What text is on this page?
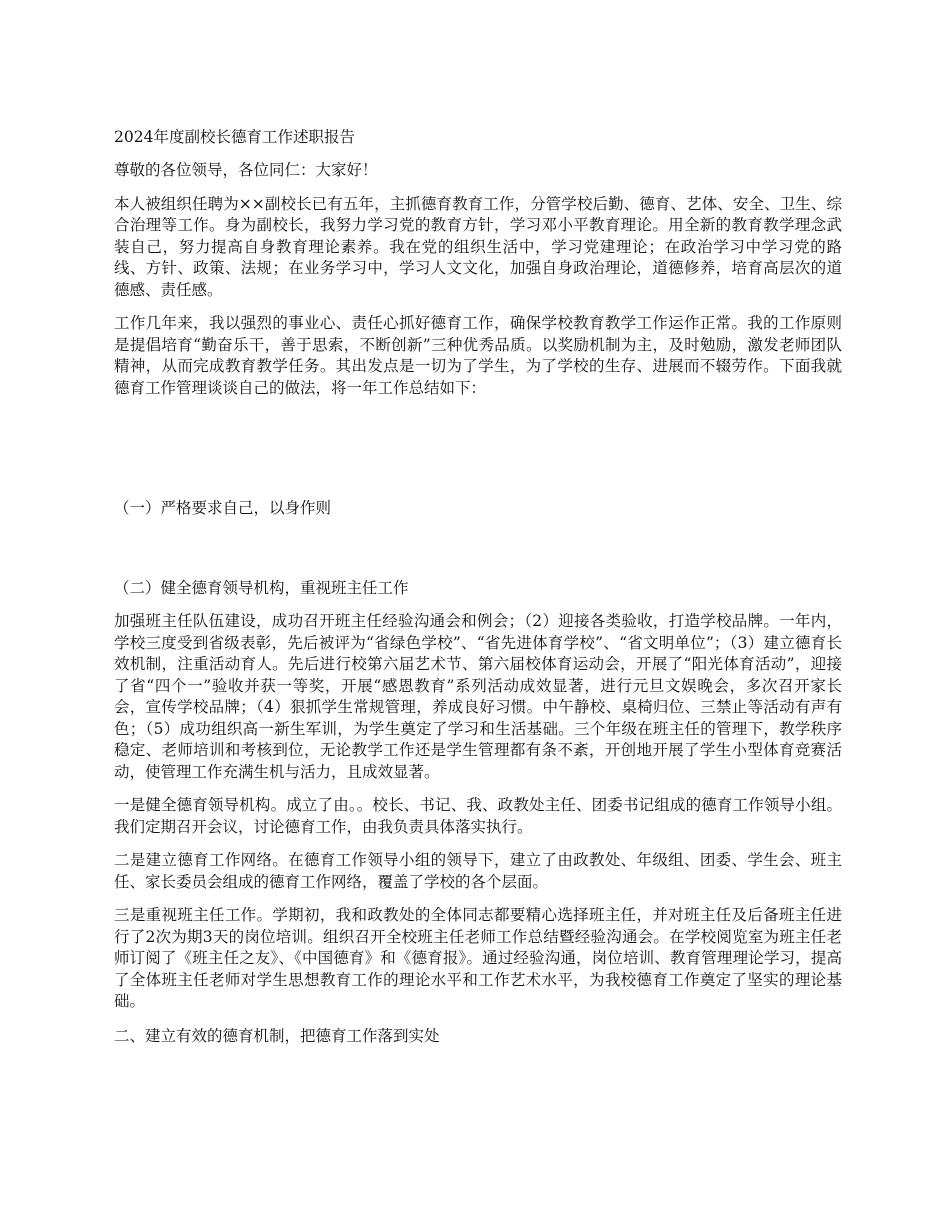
2024年度副校长德育工作述职报告

尊敬的各位领导，各位同仁：大家好！

本人被组织任聘为××副校长已有五年，主抓德育教育工作，分管学校后勤、德育、艺体、安全、卫生、综合治理等工作。身为副校长，我努力学习党的教育方针，学习邓小平教育理论。用全新的教育教学理念武装自己，努力提高自身教育理论素养。我在党的组织生活中，学习党建理论；在政治学习中学习党的路线、方针、政策、法规；在业务学习中，学习人文文化，加强自身政治理论，道德修养，培育高层次的道德感、责任感。

工作几年来，我以强烈的事业心、责任心抓好德育工作，确保学校教育教学工作运作正常。我的工作原则是提倡培育“勤奋乐干，善于思索，不断创新”三种优秀品质。以奖励机制为主，及时勉励，激发老师团队精神，从而完成教育教学任务。其出发点是一切为了学生，为了学校的生存、进展而不辍劳作。下面我就德育工作管理谈谈自己的做法，将一年工作总结如下：

（一）严格要求自己，以身作则
（二）健全德育领导机构，重视班主任工作

加强班主任队伍建设，成功召开班主任经验沟通会和例会；（2）迎接各类验收，打造学校品牌。一年内，学校三度受到省级表彰，先后被评为“省绿色学校”、“省先进体育学校”、“省文明单位”；（3）建立德育长效机制，注重活动育人。先后进行校第六届艺术节、第六届校体育运动会，开展了“阳光体育活动”，迎接了省“四个一”验收并获一等奖，开展“感恩教育”系列活动成效显著，进行元旦文娱晚会，多次召开家长会，宣传学校品牌；（4）狠抓学生常规管理，养成良好习惯。中午静校、桌椅归位、三禁止等活动有声有色；（5）成功组织高一新生军训，为学生奠定了学习和生活基础。三个年级在班主任的管理下，教学秩序稳定、老师培训和考核到位，无论教学工作还是学生管理都有条不紊，开创地开展了学生小型体育竞赛活动，使管理工作充满生机与活力，且成效显著。

一是健全德育领导机构。成立了由。。校长、书记、我、政教处主任、团委书记组成的德育工作领导小组。我们定期召开会议，讨论德育工作，由我负责具体落实执行。

二是建立德育工作网络。在德育工作领导小组的领导下，建立了由政教处、年级组、团委、学生会、班主任、家长委员会组成的德育工作网络，覆盖了学校的各个层面。

三是重视班主任工作。学期初，我和政教处的全体同志都要精心选择班主任，并对班主任及后备班主任进行了2次为期3天的岗位培训。组织召开全校班主任老师工作总结暨经验沟通会。在学校阅览室为班主任老师订阅了《班主任之友》、《中国德育》和《德育报》。通过经验沟通，岗位培训、教育管理理论学习，提高了全体班主任老师对学生思想教育工作的理论水平和工作艺术水平，为我校德育工作奠定了坚实的理论基础。

二、建立有效的德育机制，把德育工作落到实处
